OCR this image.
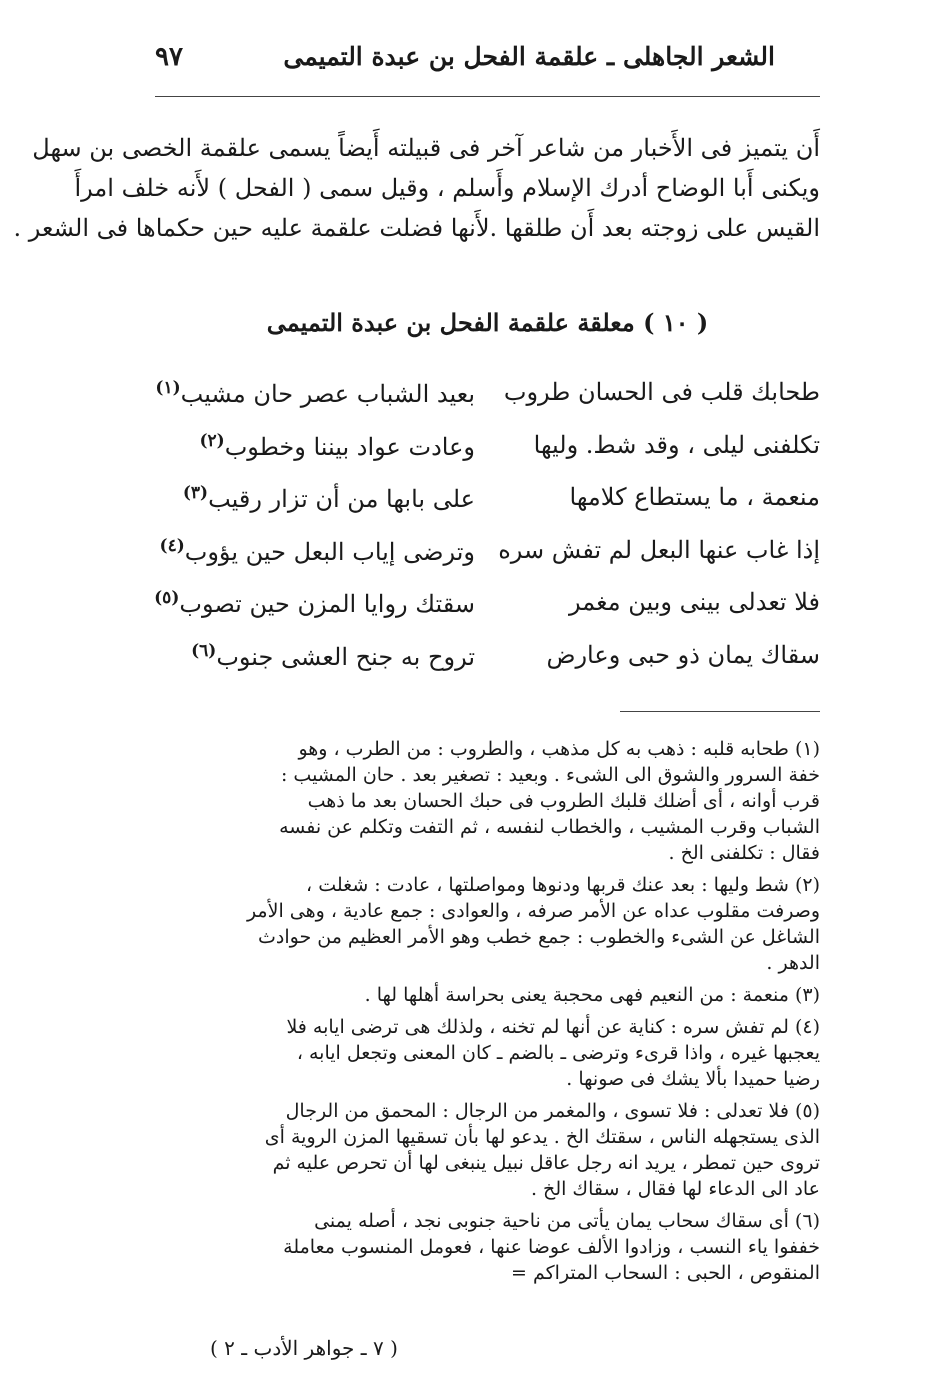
الشعر الجاهلى ـ علقمة الفحل بن عبدة التميمى
٩٧
أَن يتميز فى الأَخبار من شاعر آخر فى قبيلته أَيضاً يسمى علقمة الخصى بن سهل
ويكنى أَبا الوضاح أدرك الإسلام وأَسلم ، وقيل سمى ( الفحل ) لأَنه خلف امرأَ
القيس على زوجته بعد أَن طلقها .لأَنها فضلت علقمة عليه حين حكماها فى الشعر .
( ١٠ ) معلقة علقمة الفحل بن عبدة التميمى
طحابك قلب فى الحسان طروب
بعيد الشباب عصر حان مشيب$^{(١)}$
تكلفنى ليلى ، وقد شط. وليها
وعادت عواد بيننا وخطوب$^{(٢)}$
منعمة ، ما يستطاع كلامها
على بابها من أن تزار رقيب$^{(٣)}$
إذا غاب عنها البعل لم تفش سره
وترضى إياب البعل حين يؤوب$^{(٤)}$
فلا تعدلى بينى وبين مغمر
سقتك روايا المزن حين تصوب$^{(٥)}$
سقاك يمان ذو حبى وعارض
تروح به جنح العشى جنوب$^{(٦)}$
(١) طحابه قلبه : ذهب به كل مذهب ، والطروب : من الطرب ، وهو
خفة السرور والشوق الى الشىء . وبعيد : تصغير بعد . حان المشيب :
قرب أوانه ، أى أضلك قلبك الطروب فى حبك الحسان بعد ما ذهب
الشباب وقرب المشيب ، والخطاب لنفسه ، ثم التفت وتكلم عن نفسه
فقال : تكلفنى الخ .
(٢) شط وليها : بعد عنك قربها ودنوها ومواصلتها ، عادت : شغلت ،
وصرفت مقلوب عداه عن الأمر صرفه ، والعوادى : جمع عادية ، وهى الأمر
الشاغل عن الشىء والخطوب : جمع خطب وهو الأمر العظيم من حوادث
الدهر .
(٣) منعمة : من النعيم فهى محجبة يعنى بحراسة أهلها لها .
(٤) لم تفش سره : كناية عن أنها لم تخنه ، ولذلك هى ترضى ايابه فلا
يعجبها غيره ، واذا قرىء وترضى ـ بالضم ـ كان المعنى وتجعل ايابه ،
رضيا حميدا بألا يشك فى صونها .
(٥) فلا تعدلى : فلا تسوى ، والمغمر من الرجال : المحمق من الرجال
الذى يستجهله الناس ، سقتك الخ . يدعو لها بأن تسقيها المزن الروية أى
تروى حين تمطر ، يريد انه رجل عاقل نبيل ينبغى لها أن تحرص عليه ثم
عاد الى الدعاء لها فقال ، سقاك الخ .
(٦) أى سقاك سحاب يمان يأتى من ناحية جنوبى نجد ، أصله يمنى
خففوا ياء النسب ، وزادوا الألف عوضا عنها ، فعومل المنسوب معاملة
المنقوص ، الحبى : السحاب المتراكم =
( ٧ ـ جواهر الأدب ـ ٢ )
